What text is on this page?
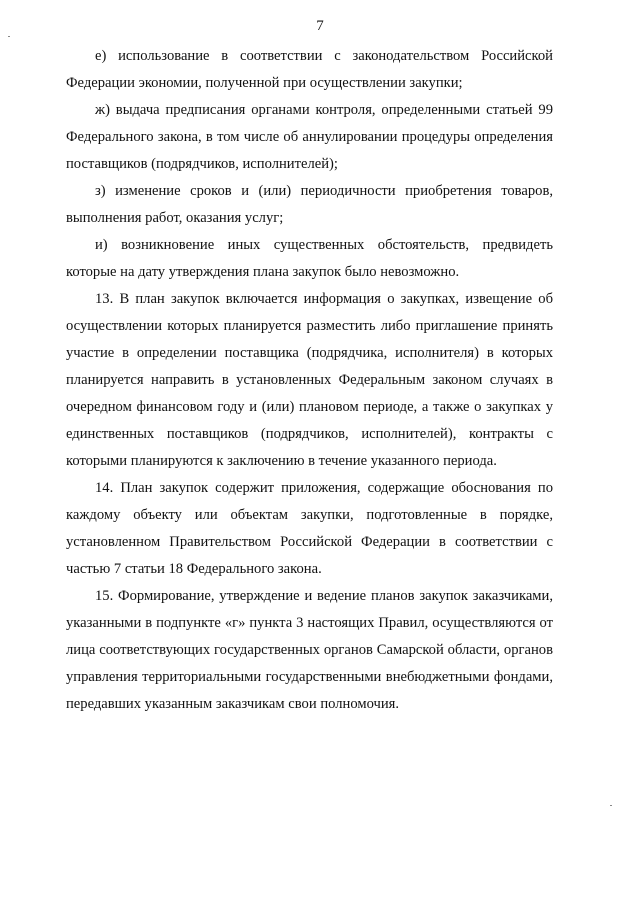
7

е) использование в соответствии с законодательством Российской Федерации экономии, полученной при осуществлении закупки;

ж) выдача предписания органами контроля, определенными статьей 99 Федерального закона, в том числе об аннулировании процедуры определения поставщиков (подрядчиков, исполнителей);

з) изменение сроков и (или) периодичности приобретения товаров, выполнения работ, оказания услуг;

и) возникновение иных существенных обстоятельств, предвидеть которые на дату утверждения плана закупок было невозможно.

13. В план закупок включается информация о закупках, извещение об осуществлении которых планируется разместить либо приглашение принять участие в определении поставщика (подрядчика, исполнителя) в которых планируется направить в установленных Федеральным законом случаях в очередном финансовом году и (или) плановом периоде, а также о закупках у единственных поставщиков (подрядчиков, исполнителей), контракты с которыми планируются к заключению в течение указанного периода.

14. План закупок содержит приложения, содержащие обоснования по каждому объекту или объектам закупки, подготовленные в порядке, установленном Правительством Российской Федерации в соответствии с частью 7 статьи 18 Федерального закона.

15. Формирование, утверждение и ведение планов закупок заказчиками, указанными в подпункте «г» пункта 3 настоящих Правил, осуществляются от лица соответствующих государственных органов Самарской области, органов управления территориальными государственными внебюджетными фондами, передавших указанным заказчикам свои полномочия.
